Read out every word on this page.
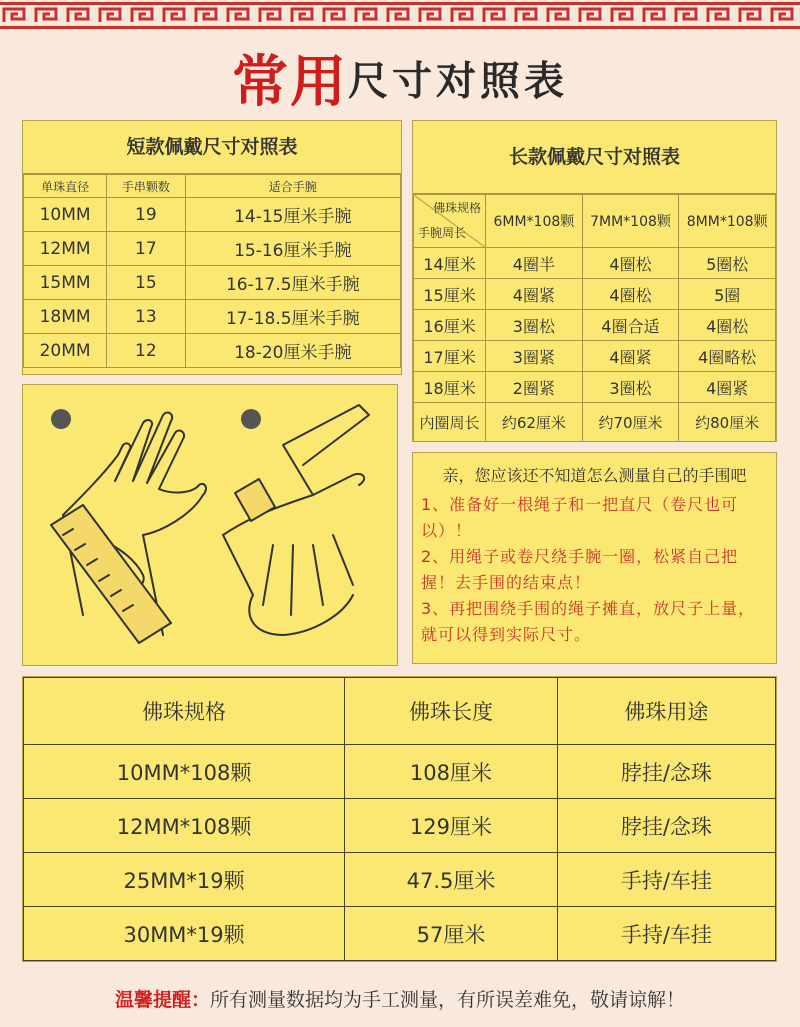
常用尺寸对照表
短款佩戴尺寸对照表
单珠直径	手串颗数	适合手腕
10MM	19	14-15厘米手腕
12MM	17	15-16厘米手腕
15MM	15	16-17.5厘米手腕
18MM	13	17-18.5厘米手腕
20MM	12	18-20厘米手腕
长款佩戴尺寸对照表
佛珠规格
手腕周长	6MM*108颗	7MM*108颗	8MM*108颗
14厘米	4圈半	4圈松	5圈松
15厘米	4圈紧	4圈松	5圈
16厘米	3圈松	4圈合适	4圈松
17厘米	3圈紧	4圈紧	4圈略松
18厘米	2圈紧	3圈松	4圈紧
内圈周长	约62厘米	约70厘米	约80厘米
亲，您应该还不知道怎么测量自己的手围吧
1、准备好一根绳子和一把直尺（卷尺也可以）！
2、用绳子或卷尺绕手腕一圈，松紧自己把握！去手围的结束点！
3、再把围绕手围的绳子摊直，放尺子上量，就可以得到实际尺寸。
佛珠规格	佛珠长度	佛珠用途
10MM*108颗	108厘米	脖挂/念珠
12MM*108颗	129厘米	脖挂/念珠
25MM*19颗	47.5厘米	手持/车挂
30MM*19颗	57厘米	手持/车挂
温馨提醒：所有测量数据均为手工测量，有所误差难免，敬请谅解！
